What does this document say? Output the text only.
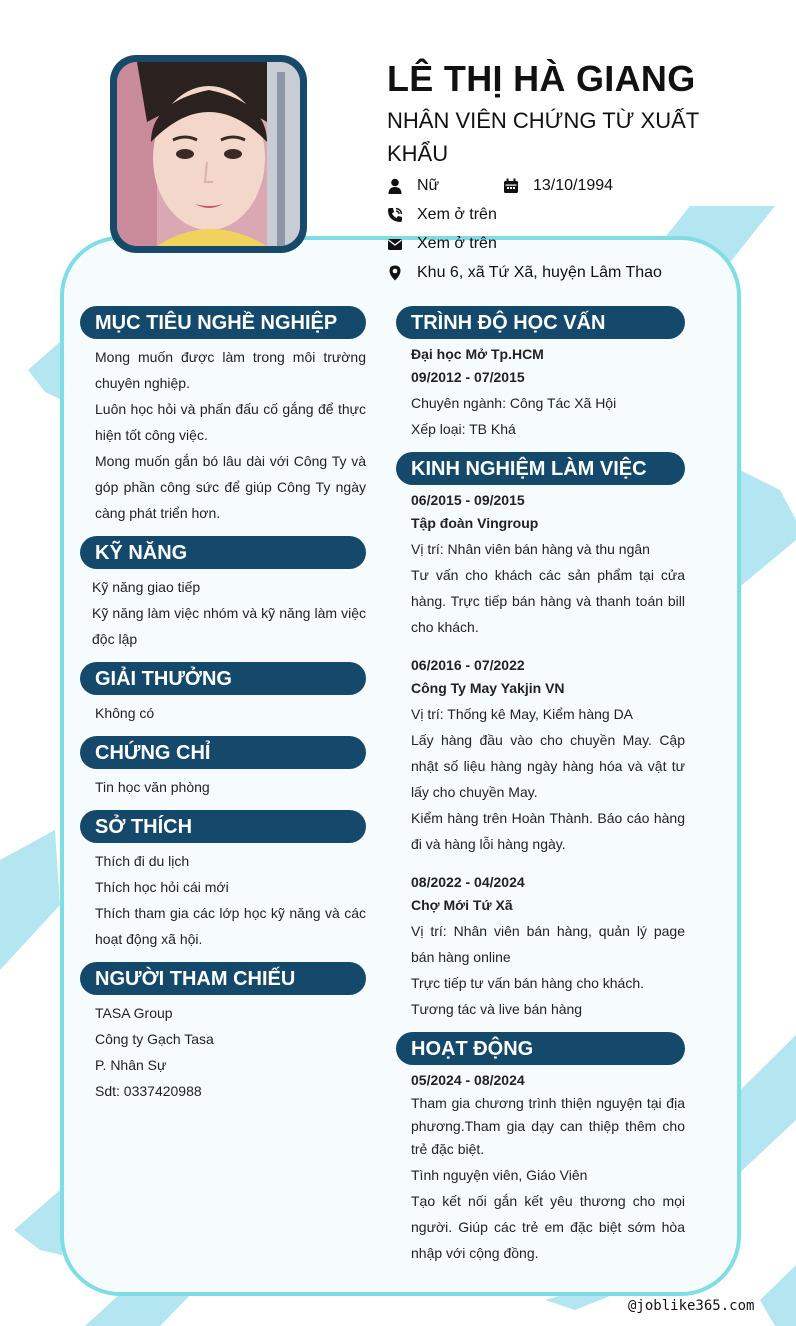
LÊ THỊ HÀ GIANG
NHÂN VIÊN CHỨNG TỪ XUẤT KHẨU
Nữ	13/10/1994
Xem ở trên
Xem ở trên
Khu 6, xã Tứ Xã, huyện Lâm Thao
MỤC TIÊU NGHỀ NGHIỆP
Mong muốn được làm trong môi trường chuyên nghiệp.
Luôn học hỏi và phấn đấu cố gắng để thực hiện tốt công việc.
Mong muốn gắn bó lâu dài với Công Ty và góp phần công sức để giúp Công Ty ngày càng phát triển hơn.
KỸ NĂNG
Kỹ năng giao tiếp
Kỹ năng làm việc nhóm và kỹ năng làm việc độc lập
GIẢI THƯỞNG
Không có
CHỨNG CHỈ
Tin học văn phòng
SỞ THÍCH
Thích đi du lịch
Thích học hỏi cái mới
Thích tham gia các lớp học kỹ năng và các hoạt động xã hội.
NGƯỜI THAM CHIẾU
TASA Group
Công ty Gạch Tasa
P. Nhân Sự
Sdt: 0337420988
TRÌNH ĐỘ HỌC VẤN
Đại học Mở Tp.HCM
09/2012 - 07/2015
Chuyên ngành: Công Tác Xã Hội
Xếp loại: TB Khá
KINH NGHIỆM LÀM VIỆC
06/2015 - 09/2015
Tập đoàn Vingroup
Vị trí: Nhân viên bán hàng và thu ngân
Tư vấn cho khách các sản phẩm tại cửa hàng. Trực tiếp bán hàng và thanh toán bill cho khách.
06/2016 - 07/2022
Công Ty May Yakjin VN
Vị trí: Thống kê May, Kiểm hàng DA
Lấy hàng đầu vào cho chuyền May. Cập nhật số liệu hàng ngày hàng hóa và vật tư lấy cho chuyền May.
Kiểm hàng trên Hoàn Thành. Báo cáo hàng đi và hàng lỗi hàng ngày.
08/2022 - 04/2024
Chợ Mới Tứ Xã
Vị trí: Nhân viên bán hàng, quản lý page bán hàng online
Trực tiếp tư vấn bán hàng cho khách.
Tương tác và live bán hàng
HOẠT ĐỘNG
05/2024 - 08/2024
Tham gia chương trình thiện nguyện tại địa phương.Tham gia dạy can thiệp thêm cho trẻ đặc biệt.
Tình nguyện viên, Giáo Viên
Tạo kết nối gắn kết yêu thương cho mọi người. Giúp các trẻ em đặc biệt sớm hòa nhập với cộng đồng.
@joblike365.com
